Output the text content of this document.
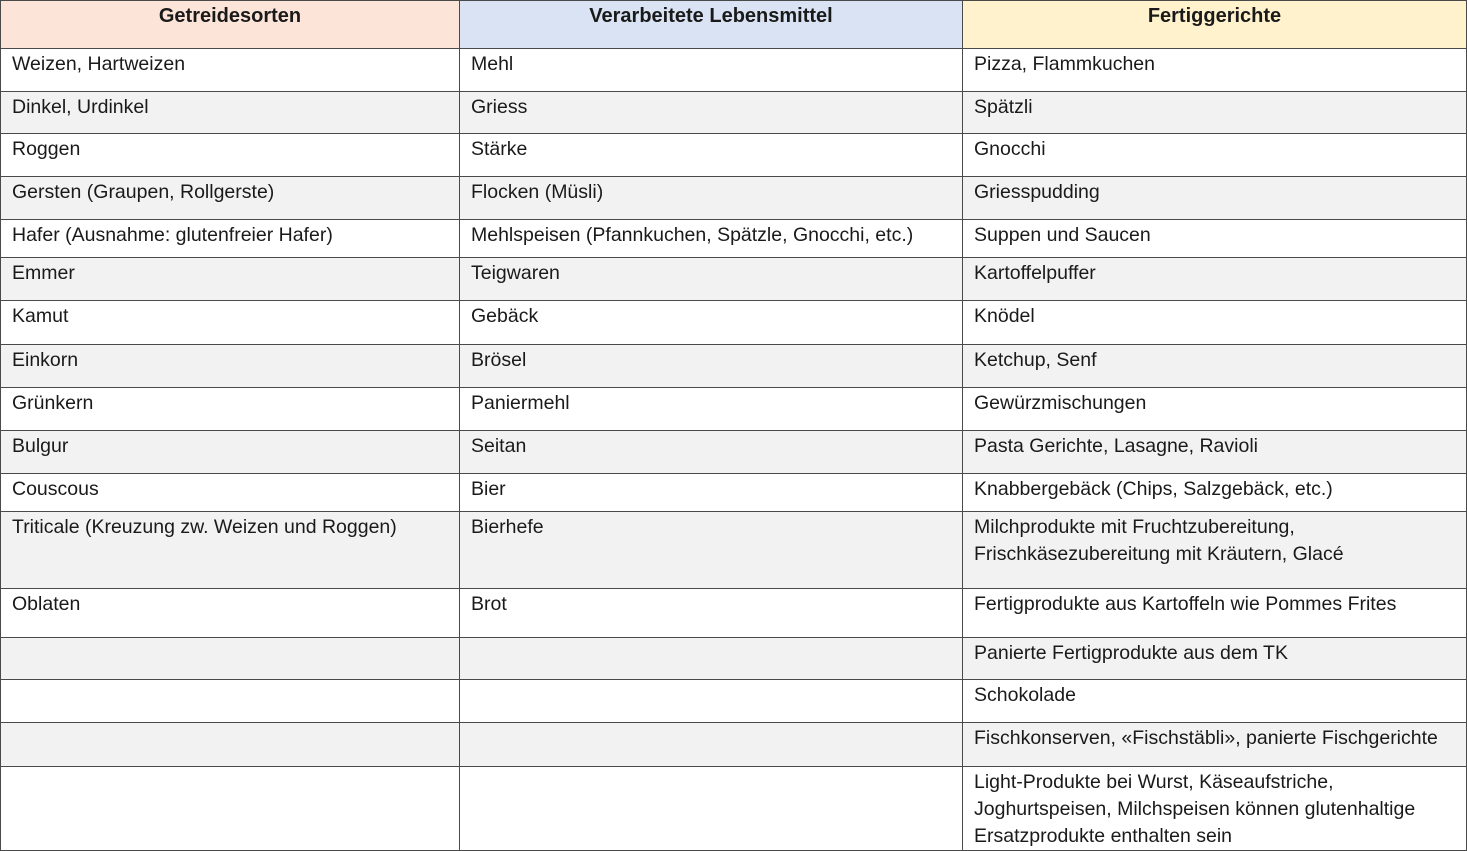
Getreidesorten	Verarbeitete Lebensmittel	Fertiggerichte
Weizen, Hartweizen	Mehl	Pizza, Flammkuchen
Dinkel, Urdinkel	Griess	Spätzli
Roggen	Stärke	Gnocchi
Gersten (Graupen, Rollgerste)	Flocken (Müsli)	Griesspudding
Hafer (Ausnahme: glutenfreier Hafer)	Mehlspeisen (Pfannkuchen, Spätzle, Gnocchi, etc.)	Suppen und Saucen
Emmer	Teigwaren	Kartoffelpuffer
Kamut	Gebäck	Knödel
Einkorn	Brösel	Ketchup, Senf
Grünkern	Paniermehl	Gewürzmischungen
Bulgur	Seitan	Pasta Gerichte, Lasagne, Ravioli
Couscous	Bier	Knabbergebäck (Chips, Salzgebäck, etc.)
Triticale (Kreuzung zw. Weizen und Roggen)	Bierhefe	Milchprodukte mit Fruchtzubereitung, Frischkäsezubereitung mit Kräutern, Glacé
Oblaten	Brot	Fertigprodukte aus Kartoffeln wie Pommes Frites
		Panierte Fertigprodukte aus dem TK
		Schokolade
		Fischkonserven, «Fischstäbli», panierte Fischgerichte
		Light-Produkte bei Wurst, Käseaufstriche, Joghurtspeisen, Milchspeisen können glutenhaltige Ersatzprodukte enthalten sein
